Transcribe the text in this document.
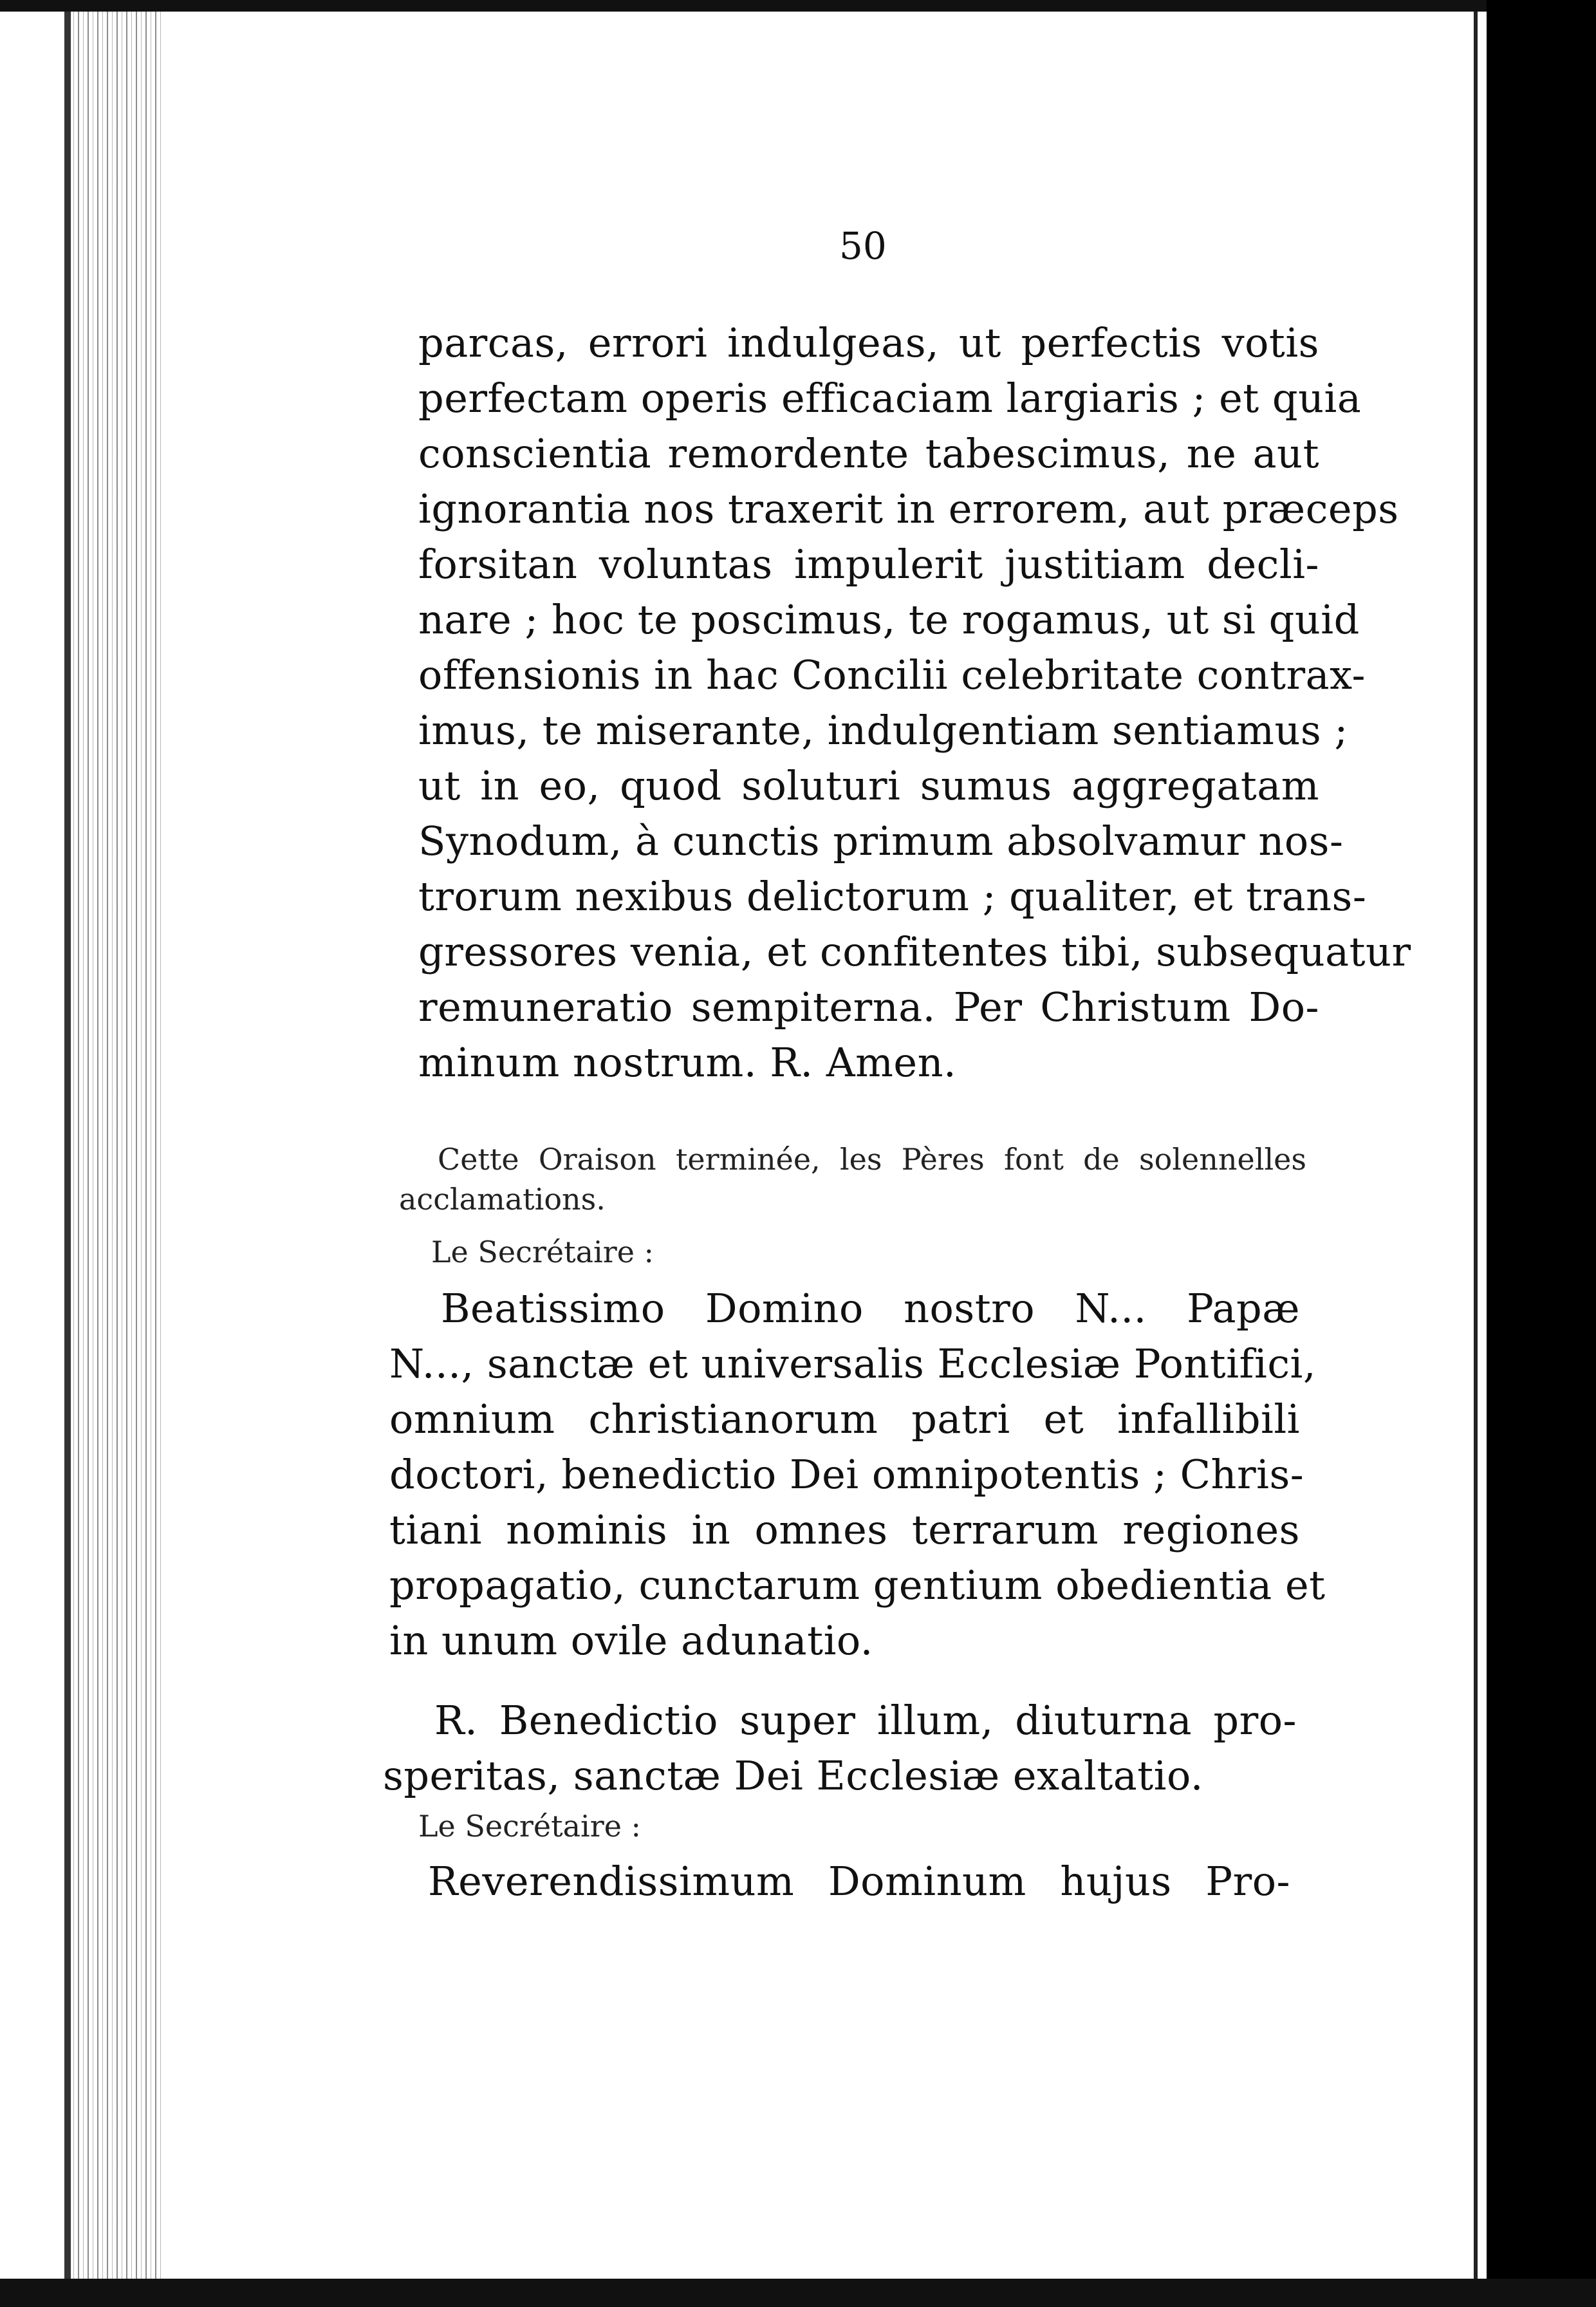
50
parcas, errori indulgeas, ut perfectis votis
perfectam operis efficaciam largiaris ; et quia
conscientia remordente tabescimus, ne aut
ignorantia nos traxerit in errorem, aut præceps
forsitan voluntas impulerit justitiam decli-
nare ; hoc te poscimus, te rogamus, ut si quid
offensionis in hac Concilii celebritate contrax-
imus, te miserante, indulgentiam sentiamus ;
ut in eo, quod soluturi sumus aggregatam
Synodum, à cunctis primum absolvamur nos-
trorum nexibus delictorum ; qualiter, et trans-
gressores venia, et confitentes tibi, subsequatur
remuneratio sempiterna. Per Christum Do-
minum nostrum. R. Amen.
Cette Oraison terminée, les Pères font de solennelles
acclamations.
Le Secrétaire :
Beatissimo Domino nostro N... Papæ
N..., sanctæ et universalis Ecclesiæ Pontifici,
omnium christianorum patri et infallibili
doctori, benedictio Dei omnipotentis ; Chris-
tiani nominis in omnes terrarum regiones
propagatio, cunctarum gentium obedientia et
in unum ovile adunatio.
R. Benedictio super illum, diuturna pro-
speritas, sanctæ Dei Ecclesiæ exaltatio.
Le Secrétaire :
Reverendissimum Dominum hujus Pro-
